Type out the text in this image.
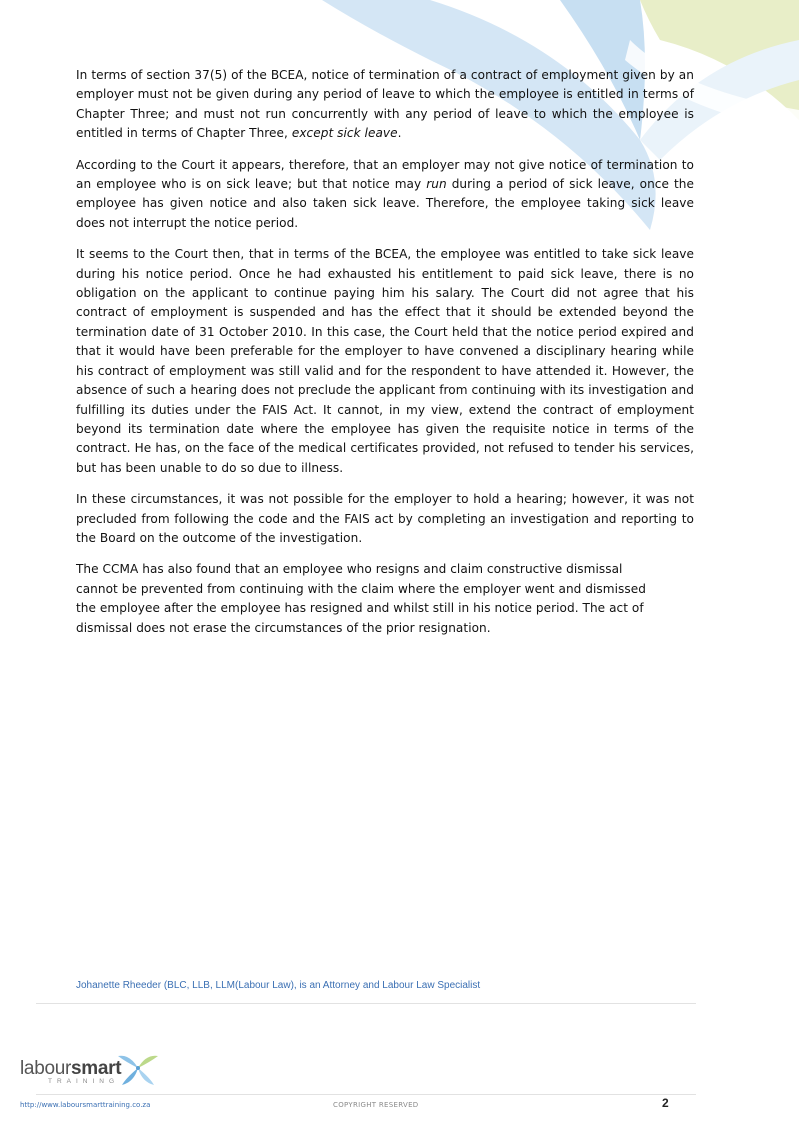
In terms of section 37(5) of the BCEA, notice of termination of a contract of employment given by an employer must not be given during any period of leave to which the employee is entitled in terms of Chapter Three; and must not run concurrently with any period of leave to which the employee is entitled in terms of Chapter Three, except sick leave.

According to the Court it appears, therefore, that an employer may not give notice of termination to an employee who is on sick leave; but that notice may run during a period of sick leave, once the employee has given notice and also taken sick leave. Therefore, the employee taking sick leave does not interrupt the notice period.

It seems to the Court then, that in terms of the BCEA, the employee was entitled to take sick leave during his notice period. Once he had exhausted his entitlement to paid sick leave, there is no obligation on the applicant to continue paying him his salary. The Court did not agree that his contract of employment is suspended and has the effect that it should be extended beyond the termination date of 31 October 2010. In this case, the Court held that the notice period expired and that it would have been preferable for the employer to have convened a disciplinary hearing while his contract of employment was still valid and for the respondent to have attended it. However, the absence of such a hearing does not preclude the applicant from continuing with its investigation and fulfilling its duties under the FAIS Act. It cannot, in my view, extend the contract of employment beyond its termination date where the employee has given the requisite notice in terms of the contract. He has, on the face of the medical certificates provided, not refused to tender his services, but has been unable to do so due to illness.

In these circumstances, it was not possible for the employer to hold a hearing; however, it was not precluded from following the code and the FAIS act by completing an investigation and reporting to the Board on the outcome of the investigation.

The CCMA has also found that an employee who resigns and claim constructive dismissal cannot be prevented from continuing with the claim where the employer went and dismissed the employee after the employee has resigned and whilst still in his notice period. The act of dismissal does not erase the circumstances of the prior resignation.

Johanette Rheeder (BLC, LLB, LLM(Labour Law), is an Attorney and Labour Law Specialist
laboursmart
TRAINING
http://www.laboursmarttraining.co.za	COPYRIGHT RESERVED	2
